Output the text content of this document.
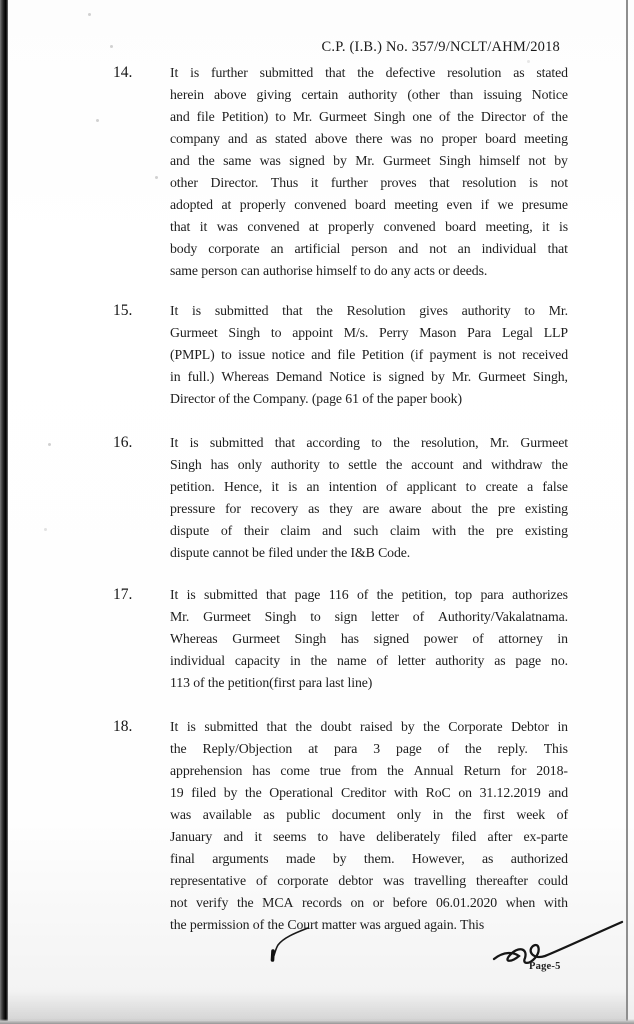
C.P. (I.B.) No. 357/9/NCLT/AHM/2018
14.	It is further submitted that the defective resolution as stated
herein above giving certain authority (other than issuing Notice
and file Petition) to Mr. Gurmeet Singh one of the Director of the
company and as stated above there was no proper board meeting
and the same was signed by Mr. Gurmeet Singh himself not by
other Director. Thus it further proves that resolution is not
adopted at properly convened board meeting even if we presume
that it was convened at properly convened board meeting, it is
body corporate an artificial person and not an individual that
same person can authorise himself to do any acts or deeds.
15.	It is submitted that the Resolution gives authority to Mr.
Gurmeet Singh to appoint M/s. Perry Mason Para Legal LLP
(PMPL) to issue notice and file Petition (if payment is not received
in full.) Whereas Demand Notice is signed by Mr. Gurmeet Singh,
Director of the Company. (page 61 of the paper book)
16.	It is submitted that according to the resolution, Mr. Gurmeet
Singh has only authority to settle the account and withdraw the
petition. Hence, it is an intention of applicant to create a false
pressure for recovery as they are aware about the pre existing
dispute of their claim and such claim with the pre existing
dispute cannot be filed under the I&B Code.
17.	It is submitted that page 116 of the petition, top para authorizes
Mr. Gurmeet Singh to sign letter of Authority/Vakalatnama.
Whereas Gurmeet Singh has signed power of attorney in
individual capacity in the name of letter authority as page no.
113 of the petition(first para last line)
18.	It is submitted that the doubt raised by the Corporate Debtor in
the Reply/Objection at para 3 page of the reply. This
apprehension has come true from the Annual Return for 2018-
19 filed by the Operational Creditor with RoC on 31.12.2019 and
was available as public document only in the first week of
January and it seems to have deliberately filed after ex-parte
final arguments made by them. However, as authorized
representative of corporate debtor was travelling thereafter could
not verify the MCA records on or before 06.01.2020 when with
the permission of the Court matter was argued again. This
Page-5
